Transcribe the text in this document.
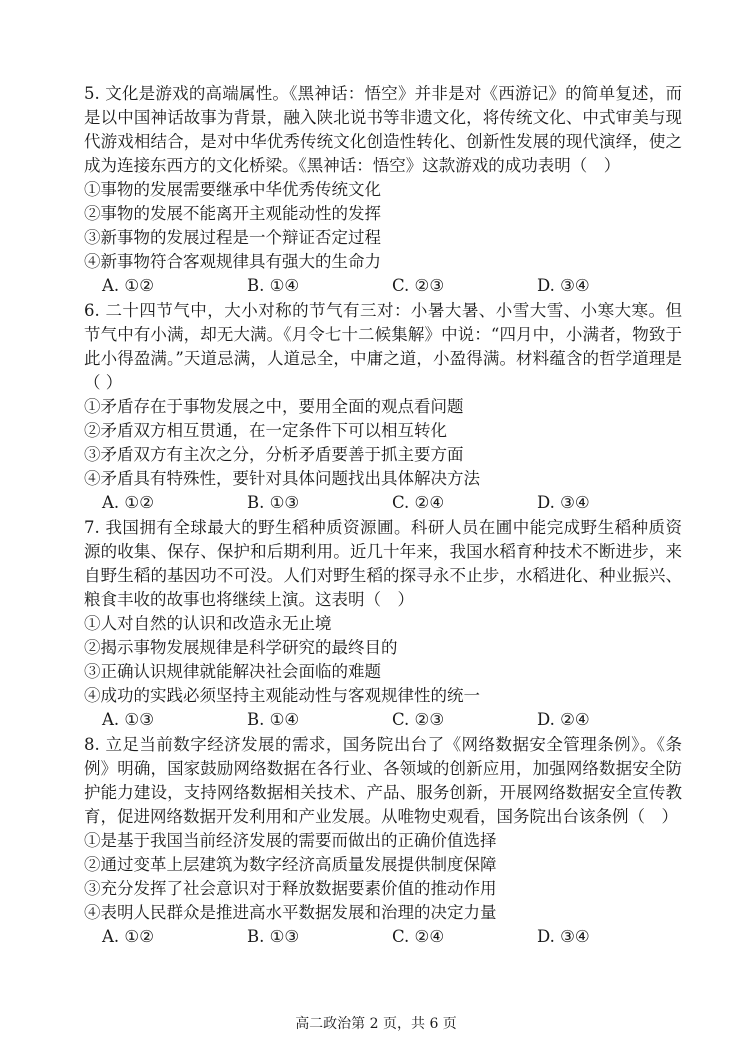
5. 文化是游戏的高端属性。《黑神话：悟空》并非是对《西游记》的简单复述，而是以中国神话故事为背景，融入陕北说书等非遗文化，将传统文化、中式审美与现代游戏相结合，是对中华优秀传统文化创造性转化、创新性发展的现代演绎，使之成为连接东西方的文化桥梁。《黑神话：悟空》这款游戏的成功表明（　）

①事物的发展需要继承中华优秀传统文化

②事物的发展不能离开主观能动性的发挥

③新事物的发展过程是一个辩证否定过程

④新事物符合客观规律具有强大的生命力

A. ①②	B. ①④	C. ②③	D. ③④

6. 二十四节气中，大小对称的节气有三对：小暑大暑、小雪大雪、小寒大寒。但节气中有小满，却无大满。《月令七十二候集解》中说：“四月中，小满者，物致于此小得盈满。”天道忌满，人道忌全，中庸之道，小盈得满。材料蕴含的哲学道理是（ ）

①矛盾存在于事物发展之中，要用全面的观点看问题

②矛盾双方相互贯通，在一定条件下可以相互转化

③矛盾双方有主次之分，分析矛盾要善于抓主要方面

④矛盾具有特殊性，要针对具体问题找出具体解决方法

A. ①②	B. ①③	C. ②④	D. ③④

7. 我国拥有全球最大的野生稻种质资源圃。科研人员在圃中能完成野生稻种质资源的收集、保存、保护和后期利用。近几十年来，我国水稻育种技术不断进步，来自野生稻的基因功不可没。人们对野生稻的探寻永不止步，水稻进化、种业振兴、粮食丰收的故事也将继续上演。这表明（　）

①人对自然的认识和改造永无止境

②揭示事物发展规律是科学研究的最终目的

③正确认识规律就能解决社会面临的难题

④成功的实践必须坚持主观能动性与客观规律性的统一

A. ①③	B. ①④	C. ②③	D. ②④

8. 立足当前数字经济发展的需求，国务院出台了《网络数据安全管理条例》。《条例》明确，国家鼓励网络数据在各行业、各领域的创新应用，加强网络数据安全防护能力建设，支持网络数据相关技术、产品、服务创新，开展网络数据安全宣传教育，促进网络数据开发利用和产业发展。从唯物史观看，国务院出台该条例（　）

①是基于我国当前经济发展的需要而做出的正确价值选择

②通过变革上层建筑为数字经济高质量发展提供制度保障

③充分发挥了社会意识对于释放数据要素价值的推动作用

④表明人民群众是推进高水平数据发展和治理的决定力量

A. ①②	B. ①③	C. ②④	D. ③④
高二政治第 2 页，共 6 页
